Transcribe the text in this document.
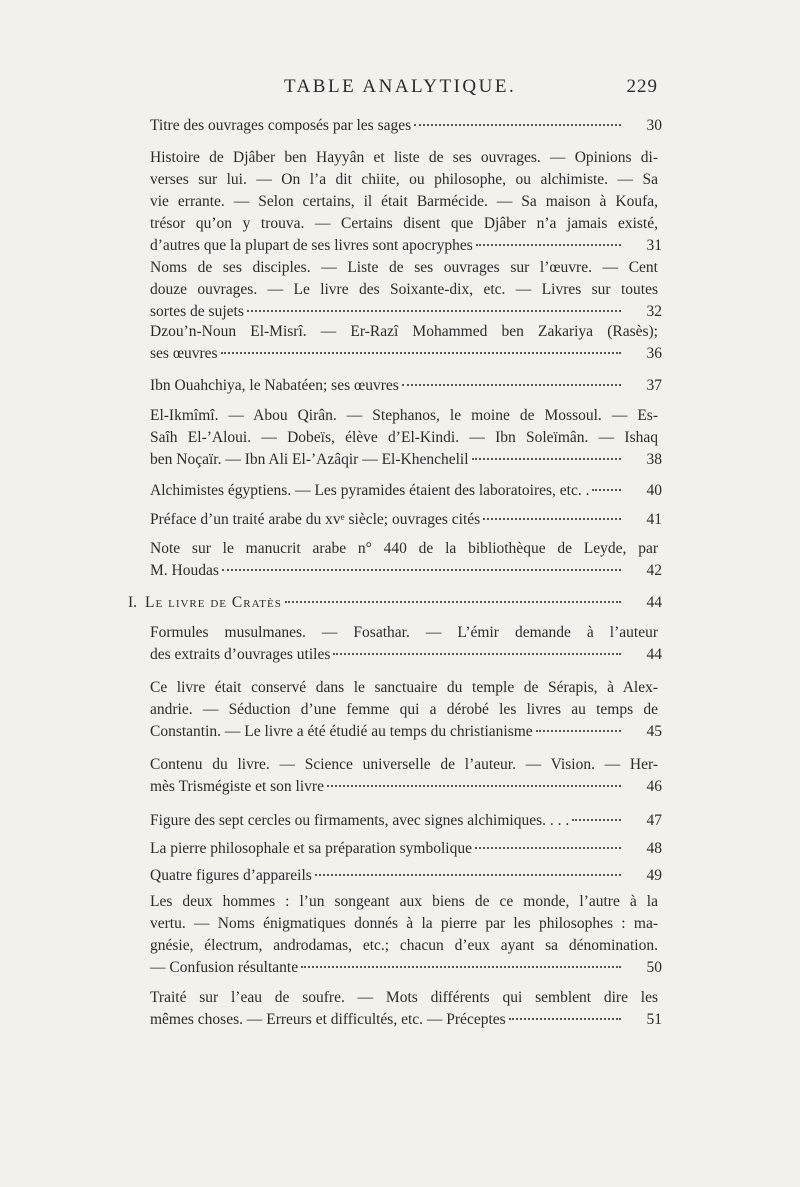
TABLE ANALYTIQUE.	229
Titre des ouvrages composés par les sages	30
Histoire de Djâber ben Hayyân et liste de ses ouvrages. — Opinions di-
verses sur lui. — On l’a dit chiite, ou philosophe, ou alchimiste. — Sa
vie errante. — Selon certains, il était Barmécide. — Sa maison à Koufa,
trésor qu’on y trouva. — Certains disent que Djâber n’a jamais existé,
d’autres que la plupart de ses livres sont apocryphes	31
Noms de ses disciples. — Liste de ses ouvrages sur l’œuvre. — Cent
douze ouvrages. — Le livre des Soixante-dix, etc. — Livres sur toutes
sortes de sujets	32
Dzou’n-Noun El-Misrî. — Er-Razî Mohammed ben Zakariya (Rasès);
ses œuvres	36
Ibn Ouahchiya, le Nabatéen; ses œuvres	37
El-Ikmîmî. — Abou Qirân. — Stephanos, le moine de Mossoul. — Es-
Saîh El-’Aloui. — Dobeïs, élève d’El-Kindi. — Ibn Soleïmân. — Ishaq
ben Noçaïr. — Ibn Ali El-’Azâqir — El-Khenchelil	38
Alchimistes égyptiens. — Les pyramides étaient des laboratoires, etc. .	40
Préface d’un traité arabe du xvᵉ siècle; ouvrages cités	41
Note sur le manucrit arabe n° 440 de la bibliothèque de Leyde, par
M. Houdas	42
I. Le livre de Cratès	44
Formules musulmanes. — Fosathar. — L’émir demande à l’auteur
des extraits d’ouvrages utiles	44
Ce livre était conservé dans le sanctuaire du temple de Sérapis, à Alex-
andrie. — Séduction d’une femme qui a dérobé les livres au temps de
Constantin. — Le livre a été étudié au temps du christianisme	45
Contenu du livre. — Science universelle de l’auteur. — Vision. — Her-
mès Trismégiste et son livre	46
Figure des sept cercles ou firmaments, avec signes alchimiques. . . .	47
La pierre philosophale et sa préparation symbolique	48
Quatre figures d’appareils	49
Les deux hommes : l’un songeant aux biens de ce monde, l’autre à la
vertu. — Noms énigmatiques donnés à la pierre par les philosophes : ma-
gnésie, électrum, androdamas, etc.; chacun d’eux ayant sa dénomination.
— Confusion résultante	50
Traité sur l’eau de soufre. — Mots différents qui semblent dire les
mêmes choses. — Erreurs et difficultés, etc. — Préceptes	51
